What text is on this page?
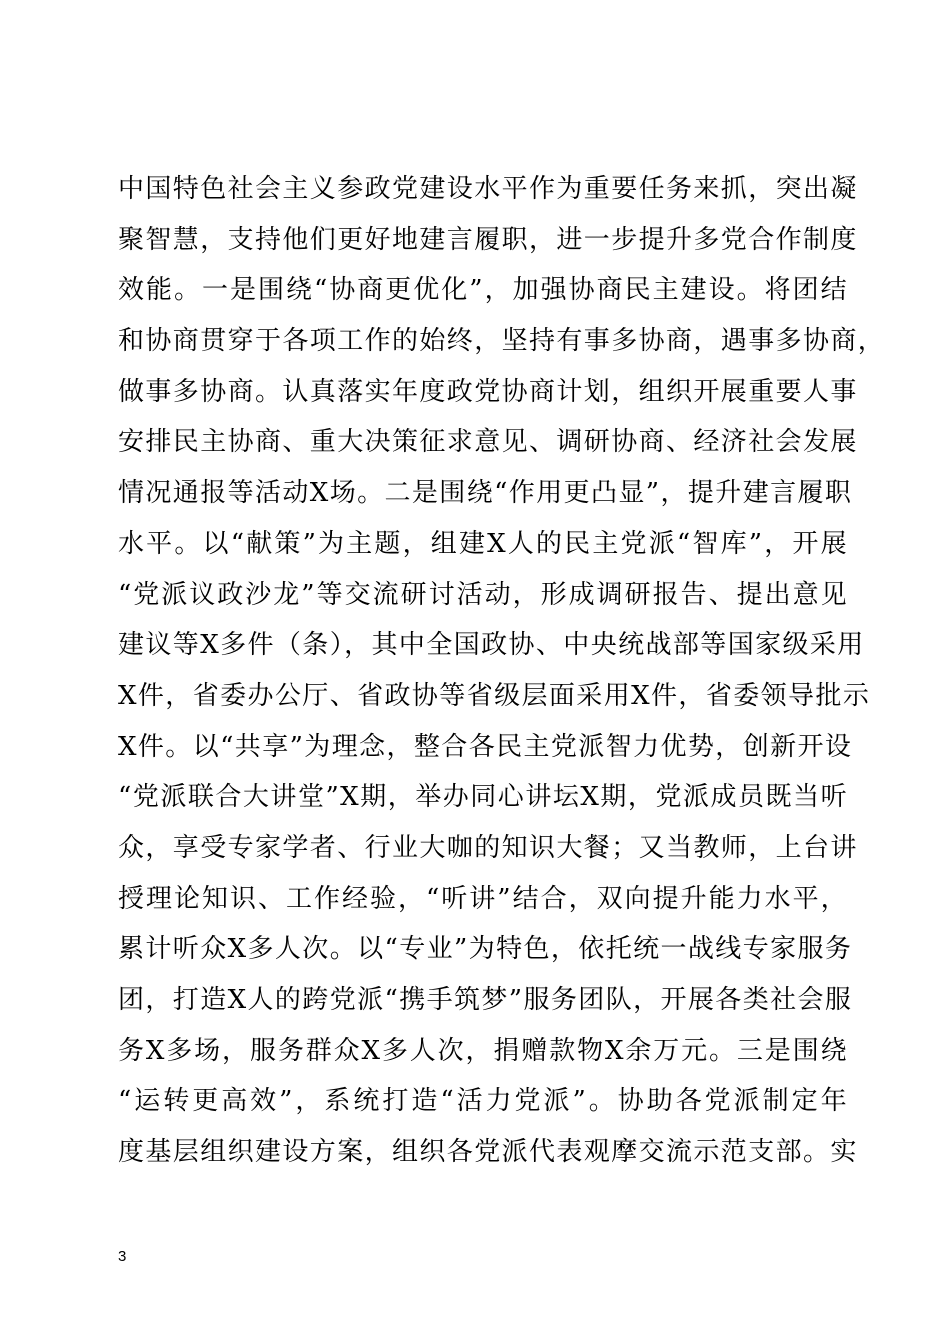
中国特色社会主义参政党建设水平作为重要任务来抓，突出凝
聚智慧，支持他们更好地建言履职，进一步提升多党合作制度
效能。一是围绕“协商更优化”，加强协商民主建设。将团结
和协商贯穿于各项工作的始终，坚持有事多协商，遇事多协商，
做事多协商。认真落实年度政党协商计划，组织开展重要人事
安排民主协商、重大决策征求意见、调研协商、经济社会发展
情况通报等活动X场。二是围绕“作用更凸显”，提升建言履职
水平。以“献策”为主题，组建X人的民主党派“智库”，开展
“党派议政沙龙”等交流研讨活动，形成调研报告、提出意见
建议等X多件（条），其中全国政协、中央统战部等国家级采用
X件，省委办公厅、省政协等省级层面采用X件，省委领导批示
X件。以“共享”为理念，整合各民主党派智力优势，创新开设
“党派联合大讲堂”X期，举办同心讲坛X期，党派成员既当听
众，享受专家学者、行业大咖的知识大餐；又当教师，上台讲
授理论知识、工作经验，“听讲”结合，双向提升能力水平，
累计听众X多人次。以“专业”为特色，依托统一战线专家服务
团，打造X人的跨党派“携手筑梦”服务团队，开展各类社会服
务X多场，服务群众X多人次，捐赠款物X余万元。三是围绕
“运转更高效”，系统打造“活力党派”。协助各党派制定年
度基层组织建设方案，组织各党派代表观摩交流示范支部。实
3
